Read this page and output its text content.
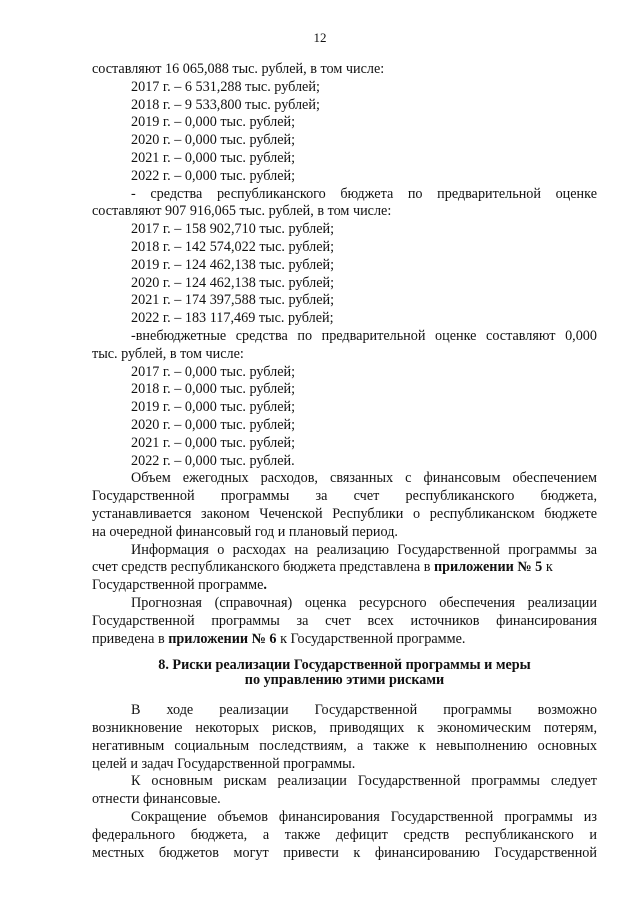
12
составляют 16 065,088 тыс. рублей, в том числе:
2017 г. – 6 531,288 тыс. рублей;
2018 г. – 9 533,800 тыс. рублей;
2019 г. – 0,000 тыс. рублей;
2020 г. – 0,000 тыс. рублей;
2021 г. – 0,000 тыс. рублей;
2022 г. – 0,000 тыс. рублей;
- средства республиканского бюджета по предварительной оценке
составляют 907 916,065 тыс. рублей, в том числе:
2017 г. – 158 902,710 тыс. рублей;
2018 г. – 142 574,022 тыс. рублей;
2019 г. – 124 462,138 тыс. рублей;
2020 г. – 124 462,138 тыс. рублей;
2021 г. – 174 397,588 тыс. рублей;
2022 г. – 183 117,469 тыс. рублей;
-внебюджетные средства по предварительной оценке составляют 0,000
тыс. рублей, в том числе:
2017 г. – 0,000 тыс. рублей;
2018 г. – 0,000 тыс. рублей;
2019 г. – 0,000 тыс. рублей;
2020 г. – 0,000 тыс. рублей;
2021 г. – 0,000 тыс. рублей;
2022 г. – 0,000 тыс. рублей.
Объем ежегодных расходов, связанных с финансовым обеспечением
Государственной программы за счет республиканского бюджета,
устанавливается законом Чеченской Республики о республиканском бюджете
на очередной финансовый год и плановый период.
Информация о расходах на реализацию Государственной программы за
счет средств республиканского бюджета представлена в приложении № 5 к
Государственной программе.
Прогнозная (справочная) оценка ресурсного обеспечения реализации
Государственной программы за счет всех источников финансирования
приведена в приложении № 6 к Государственной программе.
8. Риски реализации Государственной программы и меры
по управлению этими рисками
В ходе реализации Государственной программы возможно
возникновение некоторых рисков, приводящих к экономическим потерям,
негативным социальным последствиям, а также к невыполнению основных
целей и задач Государственной программы.
К основным рискам реализации Государственной программы следует
отнести финансовые.
Сокращение объемов финансирования Государственной программы из
федерального бюджета, а также дефицит средств республиканского и
местных бюджетов могут привести к финансированию Государственной
